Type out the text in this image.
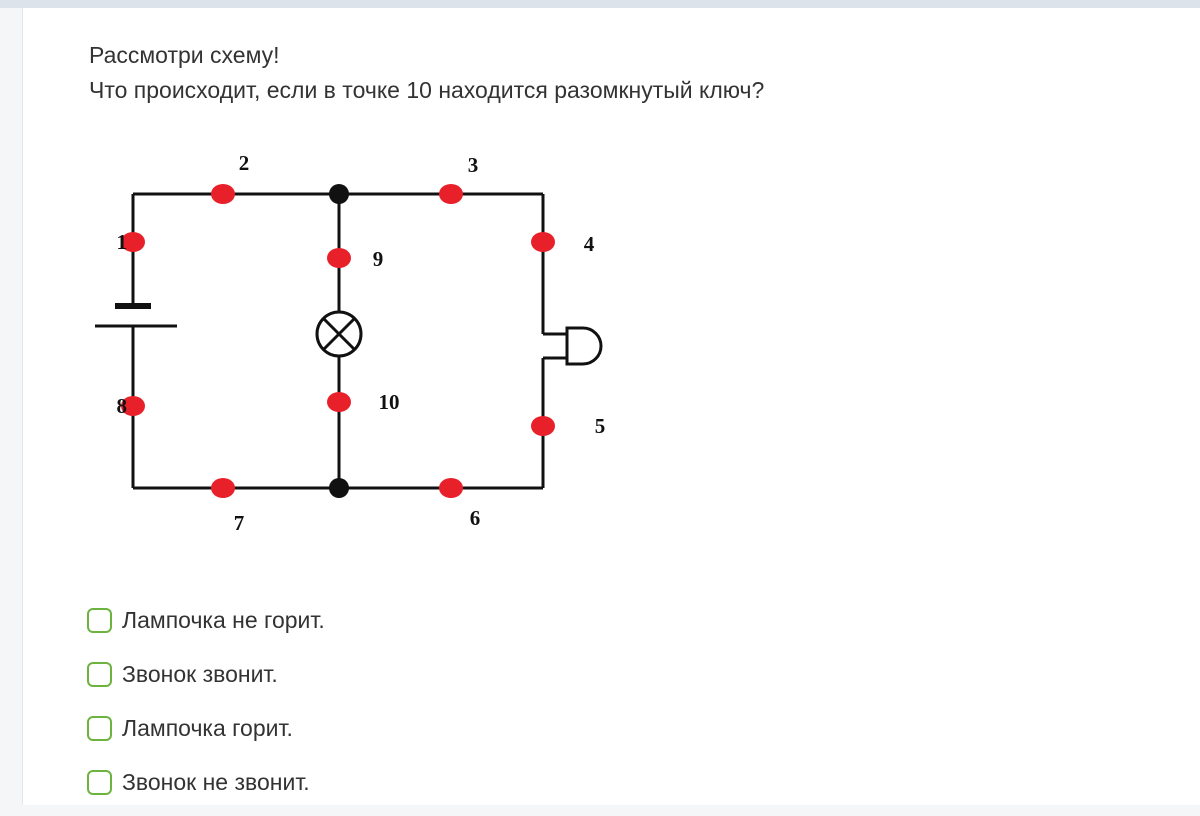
Рассмотри схему!
Что происходит, если в точке 10 находится разомкнутый ключ?
1
2	3
4
5
6
7
8
9
10
Лампочка не горит.
Звонок звонит.
Лампочка горит.
Звонок не звонит.
